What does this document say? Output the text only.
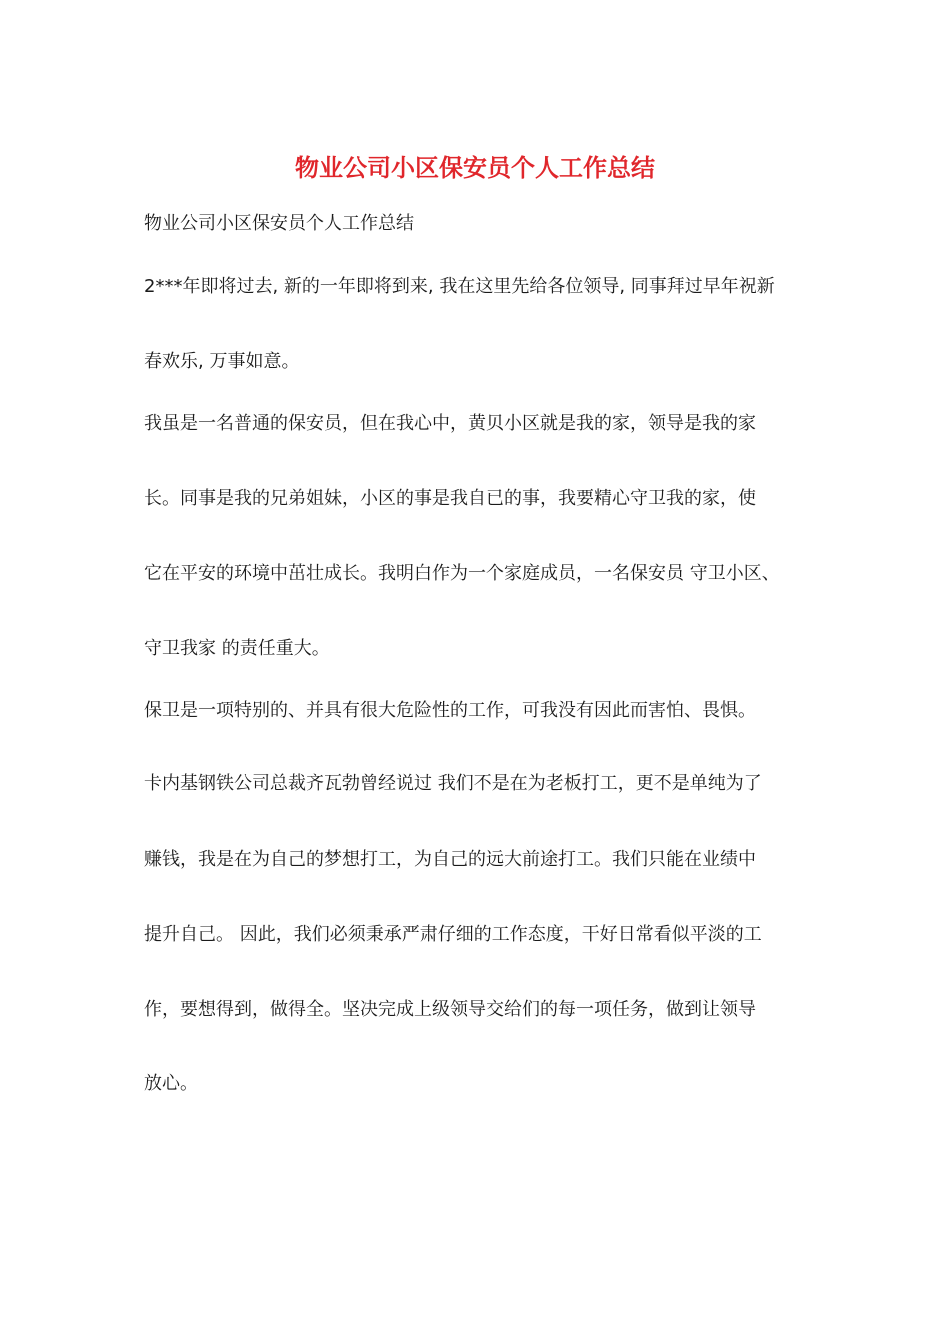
物业公司小区保安员个人工作总结
物业公司小区保安员个人工作总结
2***年即将过去, 新的一年即将到来, 我在这里先给各位领导, 同事拜过早年祝新
春欢乐, 万事如意。
我虽是一名普通的保安员，但在我心中，黄贝小区就是我的家，领导是我的家
长。同事是我的兄弟姐妹，小区的事是我自已的事，我要精心守卫我的家，使
它在平安的环境中茁壮成长。我明白作为一个家庭成员，一名保安员 守卫小区、
守卫我家 的责任重大。
保卫是一项特别的、并具有很大危险性的工作，可我没有因此而害怕、畏惧。
卡内基钢铁公司总裁齐瓦勃曾经说过 我们不是在为老板打工，更不是单纯为了
赚钱，我是在为自己的梦想打工，为自己的远大前途打工。我们只能在业绩中
提升自己。 因此，我们必须秉承严肃仔细的工作态度，干好日常看似平淡的工
作，要想得到，做得全。坚决完成上级领导交给们的每一项任务，做到让领导
放心。
